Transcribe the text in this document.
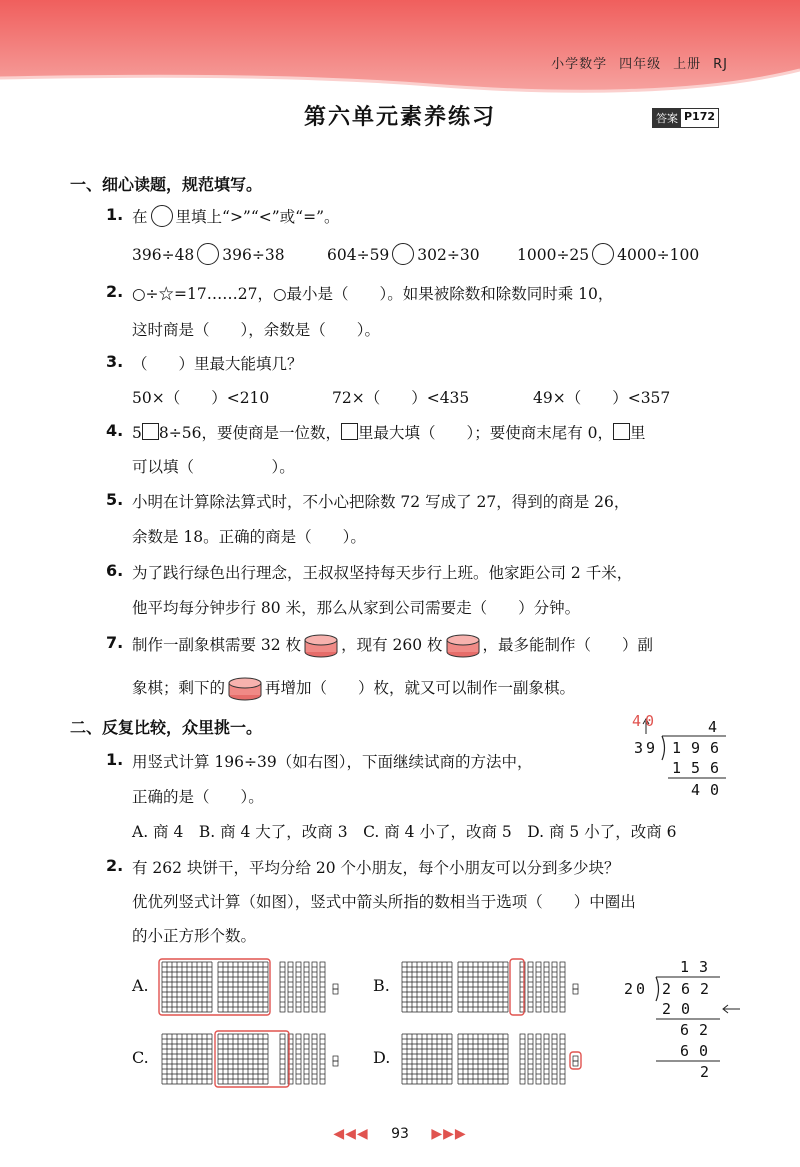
小学数学 四年级 上册 RJ
第六单元素养练习	答案 P172
一、细心读题，规范填写。
1. 在 里填上“>”“<”或“=”。
396÷48 396÷38	604÷59 302÷30 1000÷25 4000÷100
2. ○÷☆=17……27，○最小是（　　）。如果被除数和除数同时乘 10，
这时商是（　　），余数是（　　）。
3. （　　）里最大能填几？
50×（　　）<210	72×（　　）<435	49×（　　）<357
4. 5 8÷56，要使商是一位数， 里最大填（　　）；要使商末尾有 0， 里
可以填（　　　　　）。
5. 小明在计算除法算式时，不小心把除数 72 写成了 27，得到的商是 26，
余数是 18。正确的商是（　　）。
6. 为了践行绿色出行理念，王叔叔坚持每天步行上班。他家距公司 2 千米，
他平均每分钟步行 80 米，那么从家到公司需要走（　　）分钟。
7. 制作一副象棋需要 32 枚	，现有 260 枚	，最多能制作（　　）副
象棋；剩下的	再增加（　　）枚，就又可以制作一副象棋。
二、反复比较，众里挑一。
1. 用竖式计算 196÷39（如右图），下面继续试商的方法中，
正确的是（　　）。
A. 商 4　B. 商 4 大了，改商 3　C. 商 4 小了，改商 5　D. 商 5 小了，改商 6
40	4
39 196
156
40
2. 有 262 块饼干，平均分给 20 个小朋友，每个小朋友可以分到多少块？
优优列竖式计算（如图），竖式中箭头所指的数相当于选项（　　）中圈出
的小正方形个数。
A.	B.
C.	D.
13
20 262
20
62
60
2
◀◀◀ 93 ▶▶▶
